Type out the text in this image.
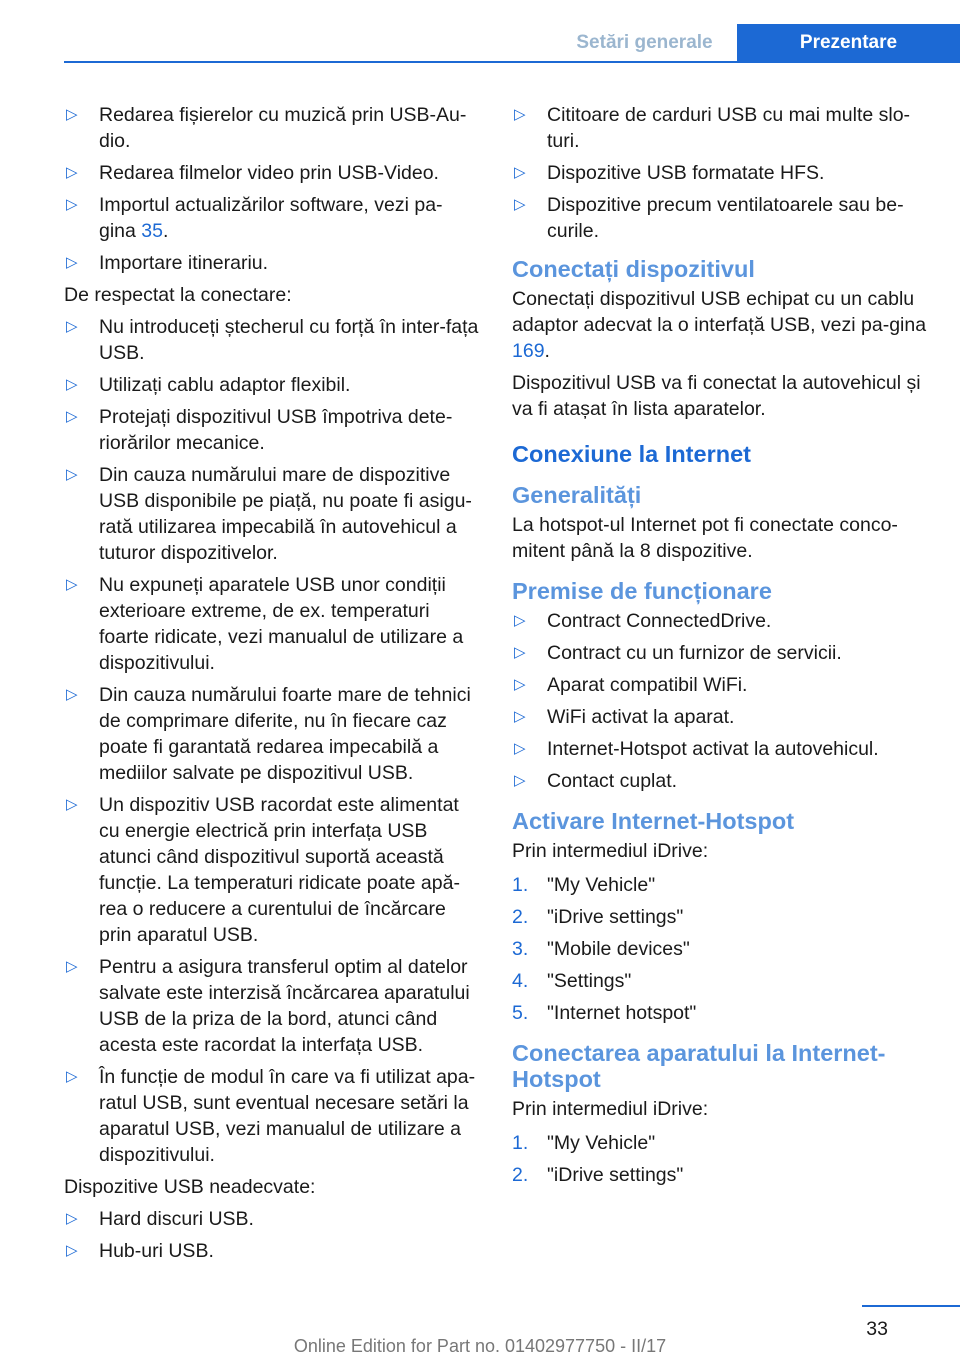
Setări generale	Prezentare
▷ Redarea fișierelor cu muzică prin USB-Au‐dio.
▷ Redarea filmelor video prin USB-Video.
▷ Importul actualizărilor software, vezi pa‐gina 35.
▷ Importare itinerariu.

De respectat la conectare:

▷ Nu introduceți ștecherul cu forță în inter‐fața USB.
▷ Utilizați cablu adaptor flexibil.
▷ Protejați dispozitivul USB împotriva dete‐riorărilor mecanice.
▷ Din cauza numărului mare de dispozitive USB disponibile pe piață, nu poate fi asigu‐rată utilizarea impecabilă în autovehicul a tuturor dispozitivelor.
▷ Nu expuneți aparatele USB unor condiții exterioare extreme, de ex. temperaturi foarte ridicate, vezi manualul de utilizare a dispozitivului.
▷ Din cauza numărului foarte mare de tehnici de comprimare diferite, nu în fiecare caz poate fi garantată redarea impecabilă a mediilor salvate pe dispozitivul USB.
▷ Un dispozitiv USB racordat este alimentat cu energie electrică prin interfața USB atunci când dispozitivul suportă această funcție. La temperaturi ridicate poate apă‐rea o reducere a curentului de încărcare prin aparatul USB.
▷ Pentru a asigura transferul optim al datelor salvate este interzisă încărcarea aparatului USB de la priza de la bord, atunci când acesta este racordat la interfața USB.
▷ În funcție de modul în care va fi utilizat apa‐ratul USB, sunt eventual necesare setări la aparatul USB, vezi manualul de utilizare a dispozitivului.

Dispozitive USB neadecvate:

▷ Hard discuri USB.
▷ Hub-uri USB.
▷ Cititoare de carduri USB cu mai multe slo‐turi.
▷ Dispozitive USB formatate HFS.
▷ Dispozitive precum ventilatoarele sau be‐curile.
Conectați dispozitivul

Conectați dispozitivul USB echipat cu un cablu adaptor adecvat la o interfață USB, vezi pa‐gina 169.

Dispozitivul USB va fi conectat la autovehicul și va fi atașat în lista aparatelor.

Conexiune la Internet
Generalități

La hotspot-ul Internet pot fi conectate conco‐mitent până la 8 dispozitive.

Premise de funcționare
▷ Contract ConnectedDrive.
▷ Contract cu un furnizor de servicii.
▷ Aparat compatibil WiFi.
▷ WiFi activat la aparat.
▷ Internet-Hotspot activat la autovehicul.
▷ Contact cuplat.
Activare Internet-Hotspot

Prin intermediul iDrive:

1. "My Vehicle"
2. "iDrive settings"
3. "Mobile devices"
4. "Settings"
5. "Internet hotspot"
Conectarea aparatului la Internet-Hotspot

Prin intermediul iDrive:

1. "My Vehicle"
2. "iDrive settings"
33
Online Edition for Part no. 01402977750 - II/17
